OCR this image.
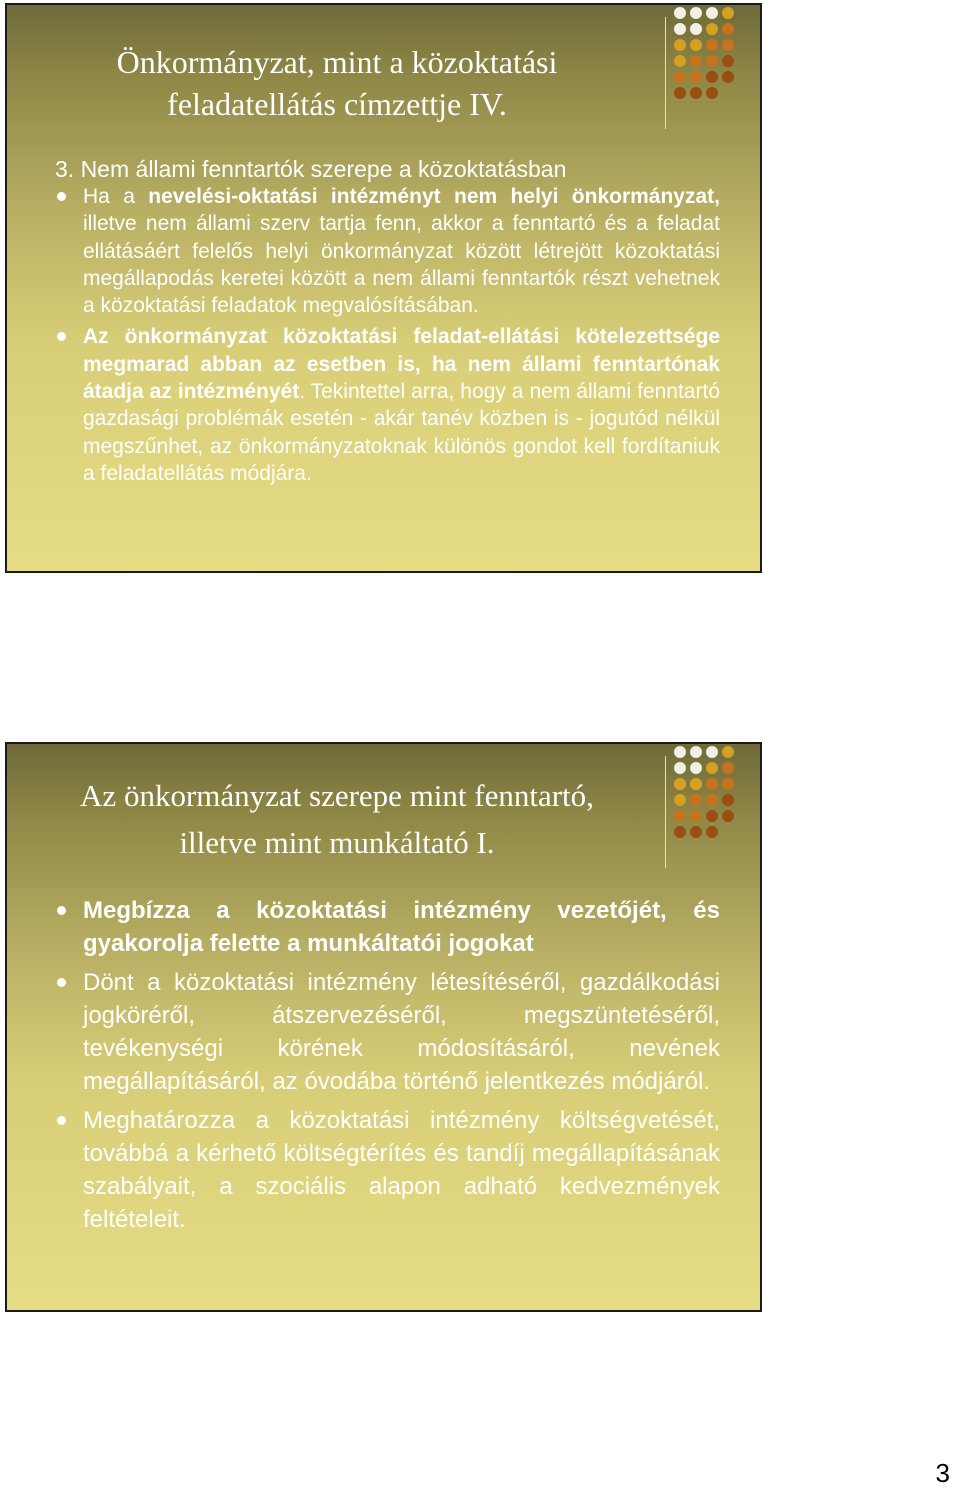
Önkormányzat, mint a közoktatási
feladatellátás címzettje IV.

3. Nem állami fenntartók szerepe a közoktatásban

Ha a nevelési-oktatási intézményt nem helyi önkormányzat, illetve nem állami szerv tartja fenn, akkor a fenntartó és a feladat ellátásáért felelős helyi önkormányzat között létrejött közoktatási megállapodás keretei között a nem állami fenntartók részt vehetnek a közoktatási feladatok megvalósításában.
Az önkormányzat közoktatási feladat-ellátási kötelezettsége megmarad abban az esetben is, ha nem állami fenntartónak átadja az intézményét. Tekintettel arra, hogy a nem állami fenntartó gazdasági problémák esetén - akár tanév közben is - jogutód nélkül megszűnhet, az önkormányzatoknak különös gondot kell fordítaniuk a feladatellátás módjára.
Az önkormányzat szerepe mint fenntartó,
illetve mint munkáltató I.
Megbízza a közoktatási intézmény vezetőjét, és gyakorolja felette a munkáltatói jogokat
Dönt a közoktatási intézmény létesítéséről, gazdálkodási jogköréről, átszervezéséről, megszüntetéséről, tevékenységi körének módosításáról, nevének megállapításáról, az óvodába történő jelentkezés módjáról.
Meghatározza a közoktatási intézmény költségvetését, továbbá a kérhető költségtérítés és tandíj megállapításának szabályait, a szociális alapon adható kedvezmények feltételeit.
3
